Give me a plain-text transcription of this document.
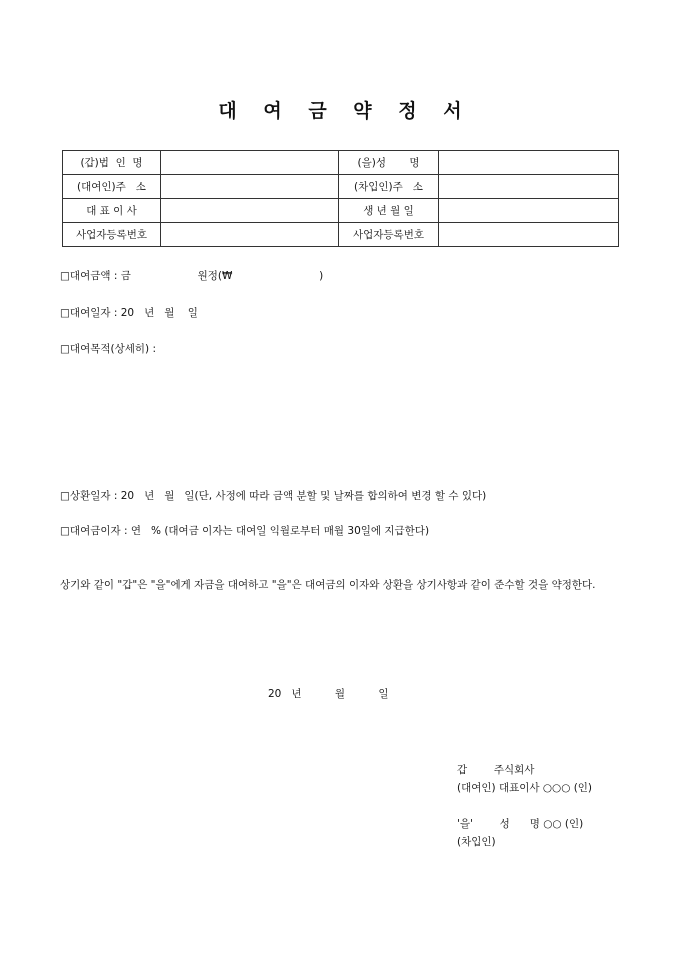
대 여 금 약 정 서
(갑)법  인  명		(을)성       명	
(대여인)주   소		(차입인)주   소	
대 표 이 사		생 년 월 일	
사업자등록번호		사업자등록번호	
□대여금액 : 금                    원정(₩                          )
□대여일자 : 20   년   월    일
□대여목적(상세히) :
□상환일자 : 20   년   월   일(단, 사정에 따라 금액 분할 및 날짜를 합의하여 변경 할 수 있다)
□대여금이자 : 연   % (대여금 이자는 대여일 익월로부터 매월 30일에 지급한다)
상기와 같이 "갑"은 "을"에게 자금을 대여하고 "을"은 대여금의 이자와 상환을 상기사항과 같이 준수할 것을 약정한다.
20   년          월          일
갑        주식회사
(대여인) 대표이사 ○○○ (인)
'을'        성      명 ○○ (인)
(차입인)
